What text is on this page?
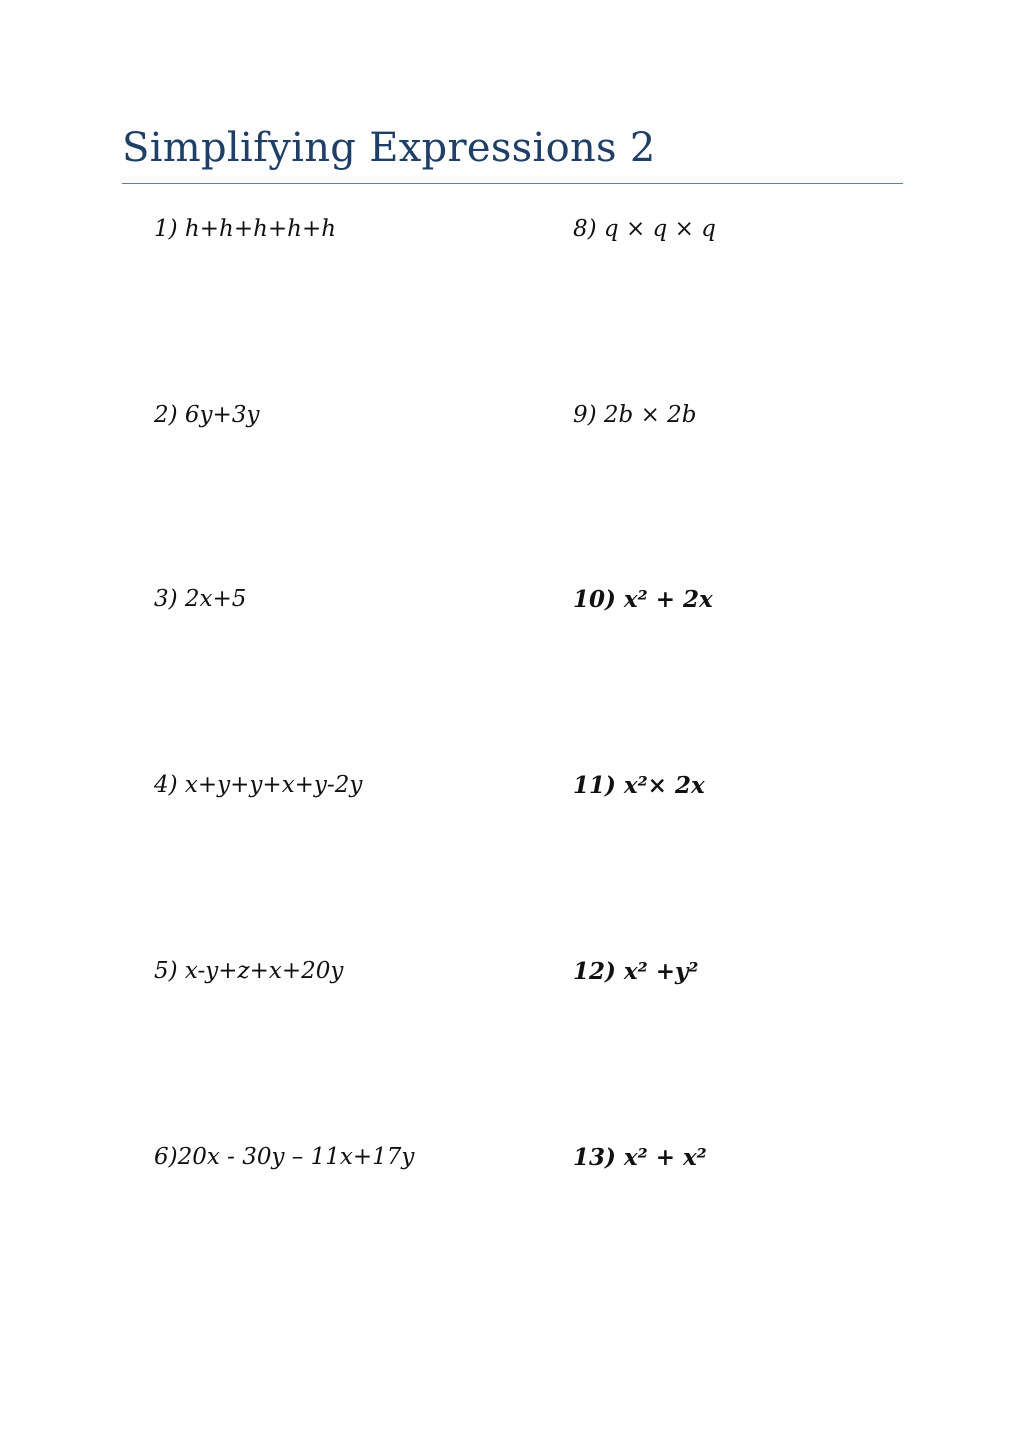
Simplifying Expressions 2
1) h+h+h+h+h
2) 6y+3y
3) 2x+5
4) x+y+y+x+y-2y
5) x-y+z+x+20y
6)20x - 30y – 11x+17y
8) q × q × q
9) 2b × 2b
10) x² + 2x
11) x²× 2x
12) x² +y²
13) x² + x²
